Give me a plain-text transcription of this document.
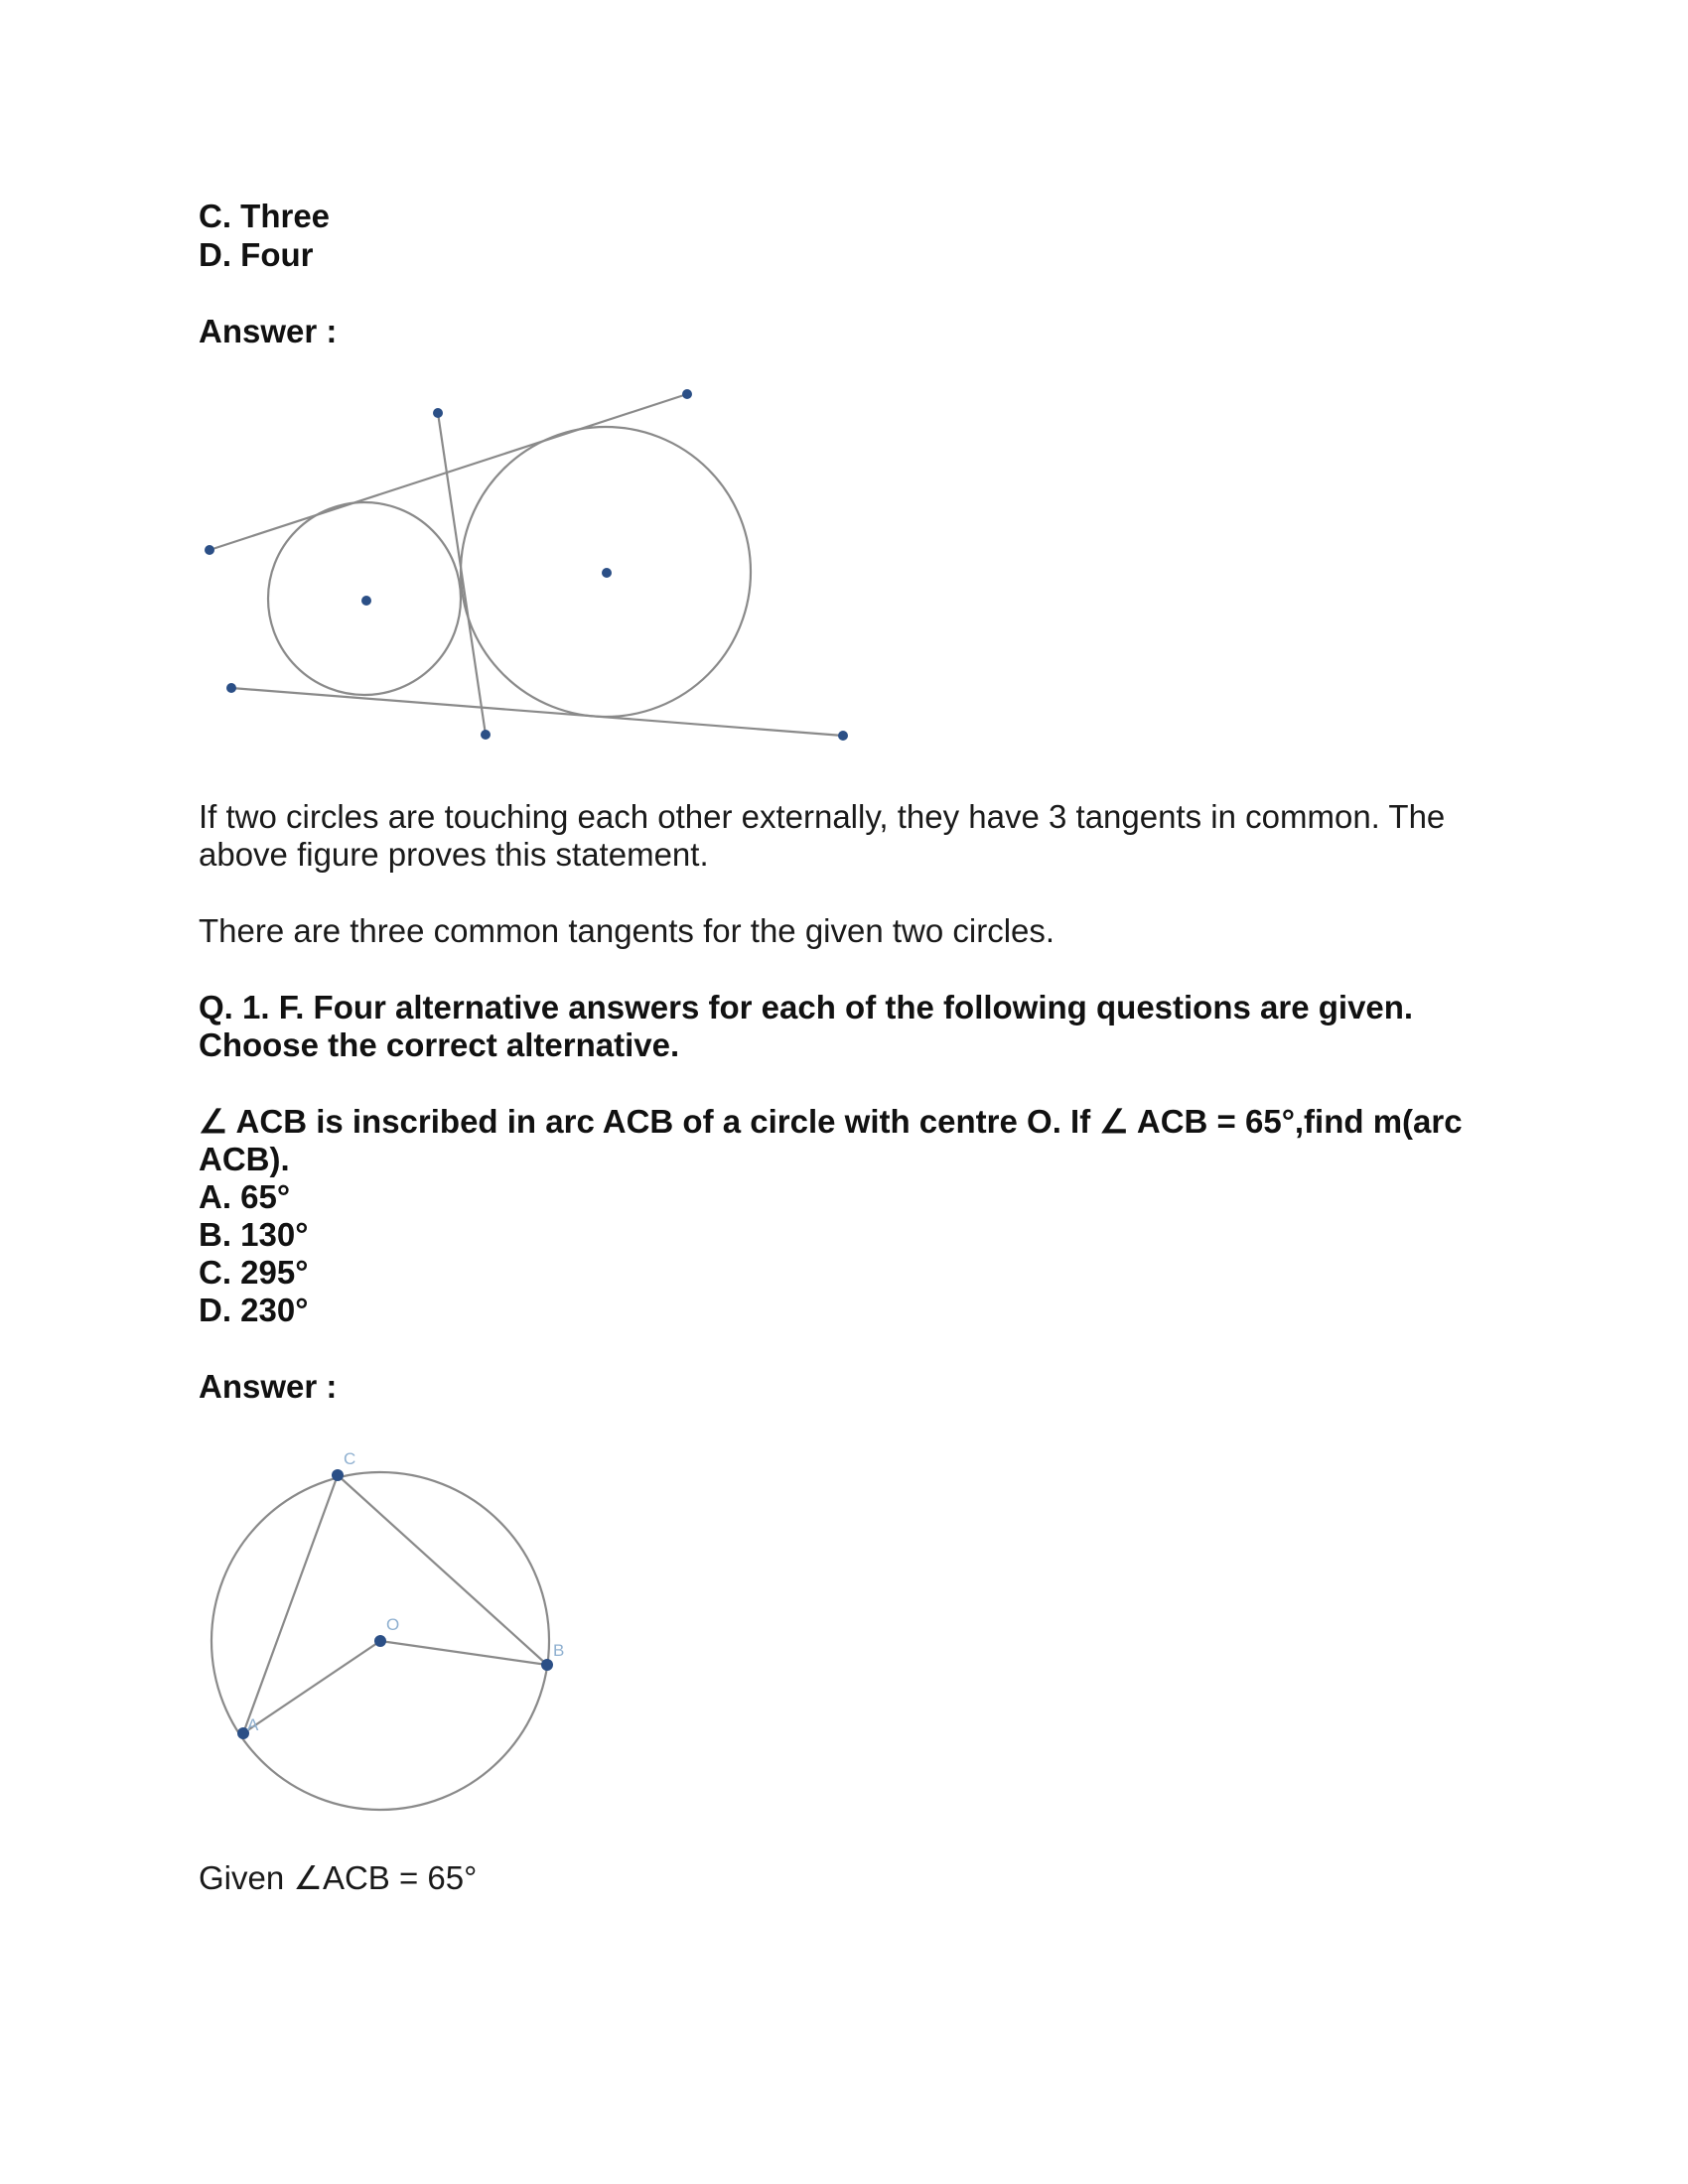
C. Three
D. Four
Answer :
If two circles are touching each other externally, they have 3 tangents in common. The
above figure proves this statement.
There are three common tangents for the given two circles.
Q. 1. F. Four alternative answers for each of the following questions are given.
Choose the correct alternative.
∠ ACB is inscribed in arc ACB of a circle with centre O. If ∠ ACB = 65°,find m(arc
ACB).
A. 65°
B. 130°
C. 295°
D. 230°
Answer :
C
O
B
A
Given ∠ACB = 65°
